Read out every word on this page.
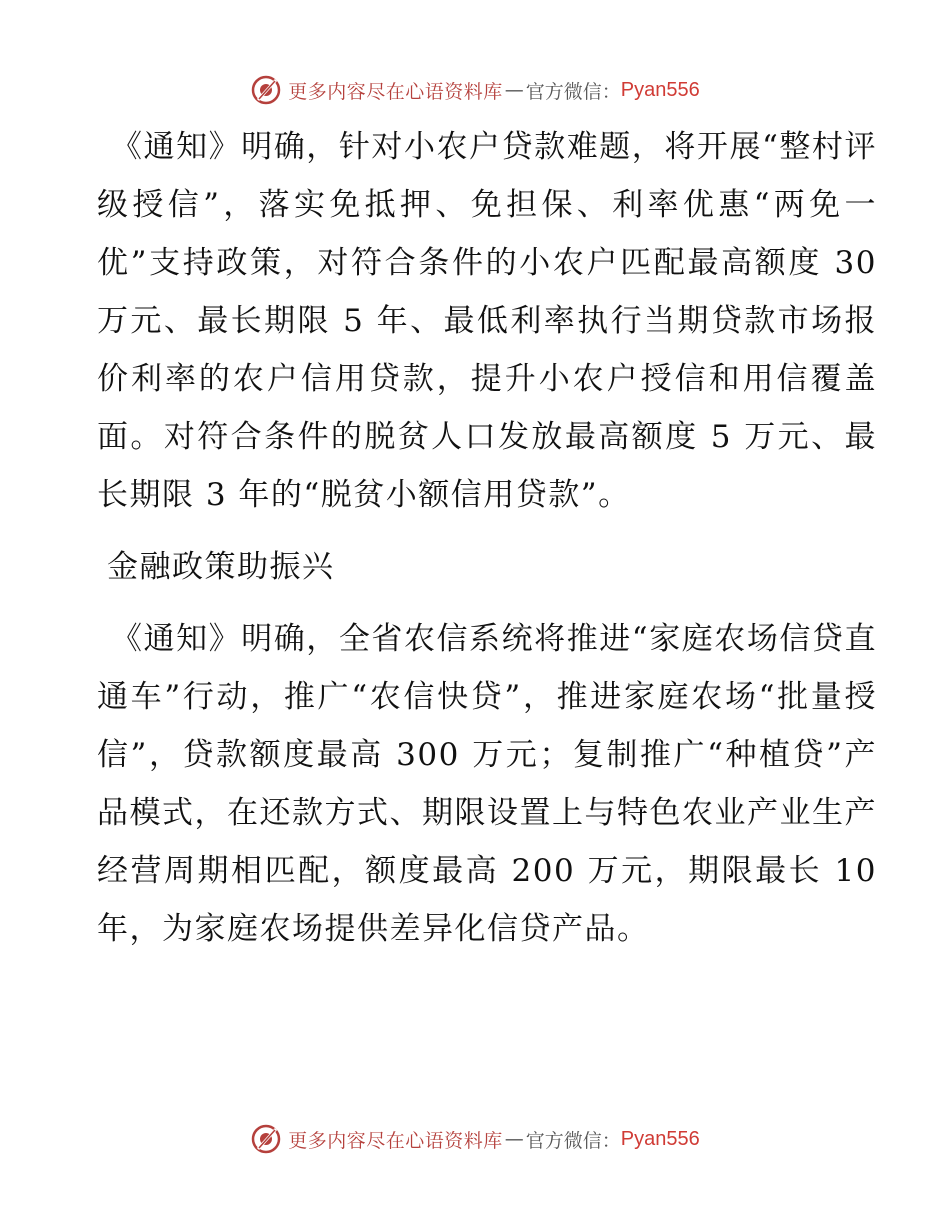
更多内容尽在心语资料库 — 官方微信： Pyan556

《通知》明确，针对小农户贷款难题，将开展“整村评级授信”，落实免抵押、免担保、利率优惠“两免一优”支持政策，对符合条件的小农户匹配最高额度 30 万元、最长期限 5 年、最低利率执行当期贷款市场报价利率的农户信用贷款，提升小农户授信和用信覆盖面。对符合条件的脱贫人口发放最高额度 5 万元、最长期限 3 年的“脱贫小额信用贷款”。

金融政策助振兴

《通知》明确，全省农信系统将推进“家庭农场信贷直通车”行动，推广“农信快贷”，推进家庭农场“批量授信”，贷款额度最高 300 万元；复制推广“种植贷”产品模式，在还款方式、期限设置上与特色农业产业生产经营周期相匹配，额度最高 200 万元，期限最长 10 年，为家庭农场提供差异化信贷产品。

更多内容尽在心语资料库 — 官方微信： Pyan556
